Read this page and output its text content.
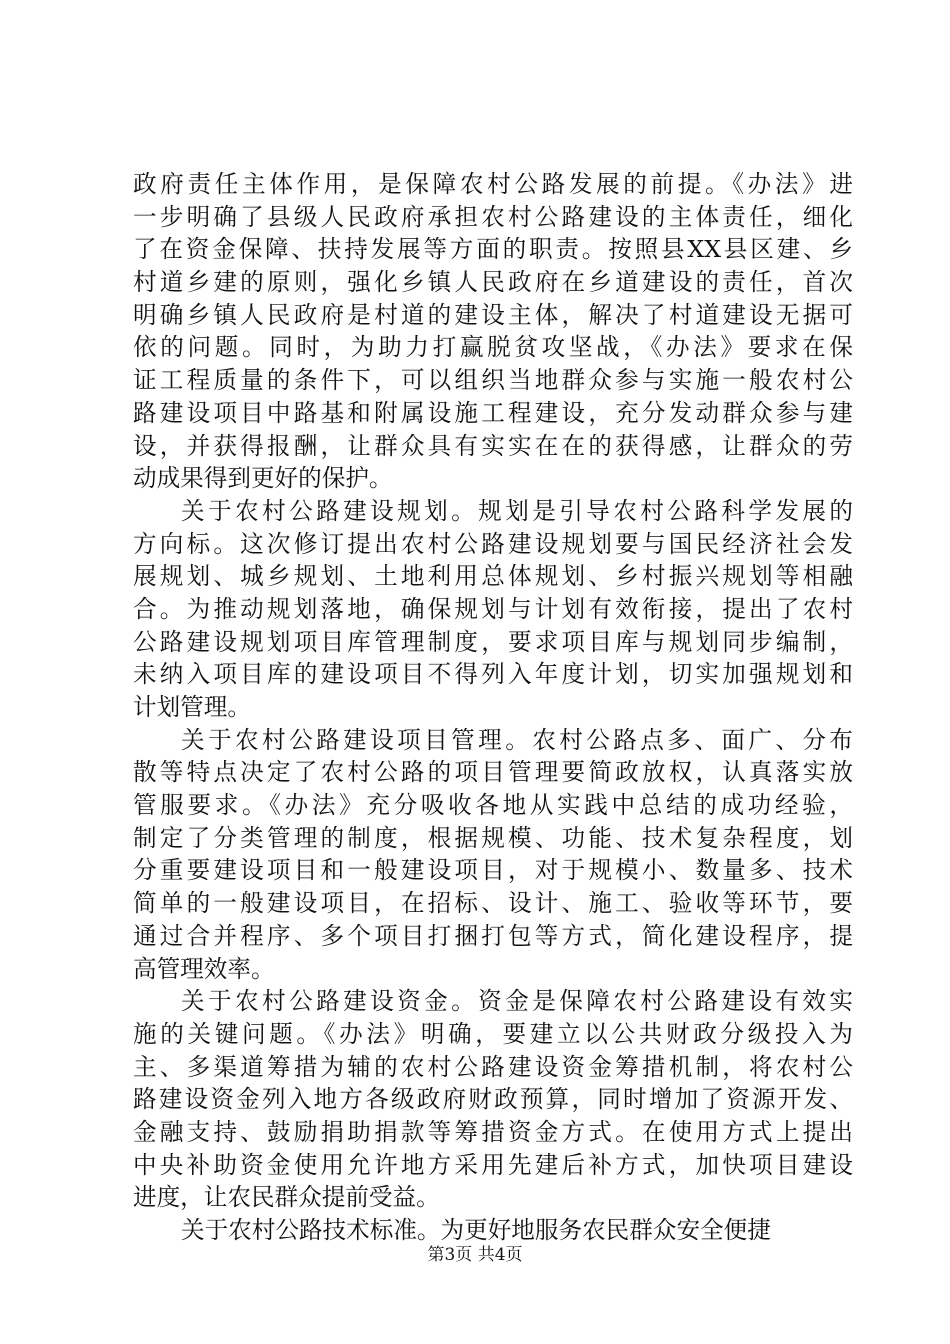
政府责任主体作用，是保障农村公路发展的前提。《办法》进
一步明确了县级人民政府承担农村公路建设的主体责任，细化
了在资金保障、扶持发展等方面的职责。按照县XX县区建、乡
村道乡建的原则，强化乡镇人民政府在乡道建设的责任，首次
明确乡镇人民政府是村道的建设主体，解决了村道建设无据可
依的问题。同时，为助力打赢脱贫攻坚战，《办法》要求在保
证工程质量的条件下，可以组织当地群众参与实施一般农村公
路建设项目中路基和附属设施工程建设，充分发动群众参与建
设，并获得报酬，让群众具有实实在在的获得感，让群众的劳
动成果得到更好的保护。
关于农村公路建设规划。规划是引导农村公路科学发展的
方向标。这次修订提出农村公路建设规划要与国民经济社会发
展规划、城乡规划、土地利用总体规划、乡村振兴规划等相融
合。为推动规划落地，确保规划与计划有效衔接，提出了农村
公路建设规划项目库管理制度，要求项目库与规划同步编制，
未纳入项目库的建设项目不得列入年度计划，切实加强规划和
计划管理。
关于农村公路建设项目管理。农村公路点多、面广、分布
散等特点决定了农村公路的项目管理要简政放权，认真落实放
管服要求。《办法》充分吸收各地从实践中总结的成功经验，
制定了分类管理的制度，根据规模、功能、技术复杂程度，划
分重要建设项目和一般建设项目，对于规模小、数量多、技术
简单的一般建设项目，在招标、设计、施工、验收等环节，要
通过合并程序、多个项目打捆打包等方式，简化建设程序，提
高管理效率。
关于农村公路建设资金。资金是保障农村公路建设有效实
施的关键问题。《办法》明确，要建立以公共财政分级投入为
主、多渠道筹措为辅的农村公路建设资金筹措机制，将农村公
路建设资金列入地方各级政府财政预算，同时增加了资源开发、
金融支持、鼓励捐助捐款等筹措资金方式。在使用方式上提出
中央补助资金使用允许地方采用先建后补方式，加快项目建设
进度，让农民群众提前受益。
关于农村公路技术标准。为更好地服务农民群众安全便捷
第3页 共4页
